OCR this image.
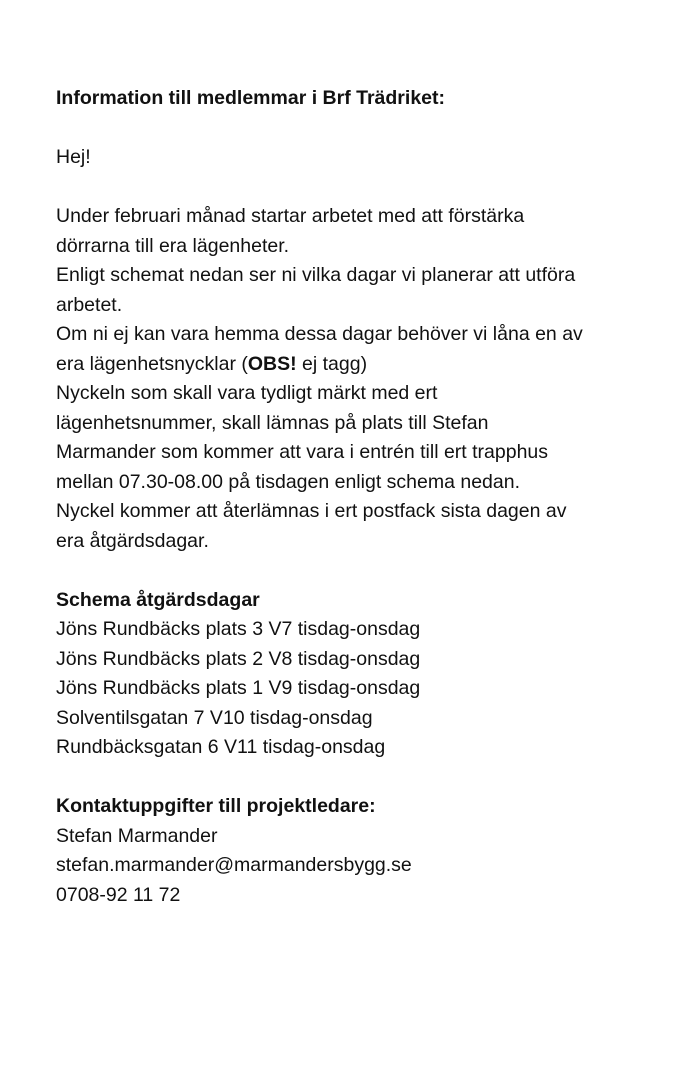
Information till medlemmar i Brf Trädriket:

Hej!

Under februari månad startar arbetet med att förstärka
dörrarna till era lägenheter.
Enligt schemat nedan ser ni vilka dagar vi planerar att utföra
arbetet.
Om ni ej kan vara hemma dessa dagar behöver vi låna en av
era lägenhetsnycklar (OBS! ej tagg)
Nyckeln som skall vara tydligt märkt med ert
lägenhetsnummer, skall lämnas på plats till Stefan
Marmander som kommer att vara i entrén till ert trapphus
mellan 07.30-08.00 på tisdagen enligt schema nedan.
Nyckel kommer att återlämnas i ert postfack sista dagen av
era åtgärdsdagar.

Schema åtgärdsdagar

Jöns Rundbäcks plats 3 V7 tisdag-onsdag
Jöns Rundbäcks plats 2 V8 tisdag-onsdag
Jöns Rundbäcks plats 1 V9 tisdag-onsdag
Solventilsgatan 7 V10 tisdag-onsdag
Rundbäcksgatan 6 V11 tisdag-onsdag

Kontaktuppgifter till projektledare:

Stefan Marmander
stefan.marmander@marmandersbygg.se
0708-92 11 72
